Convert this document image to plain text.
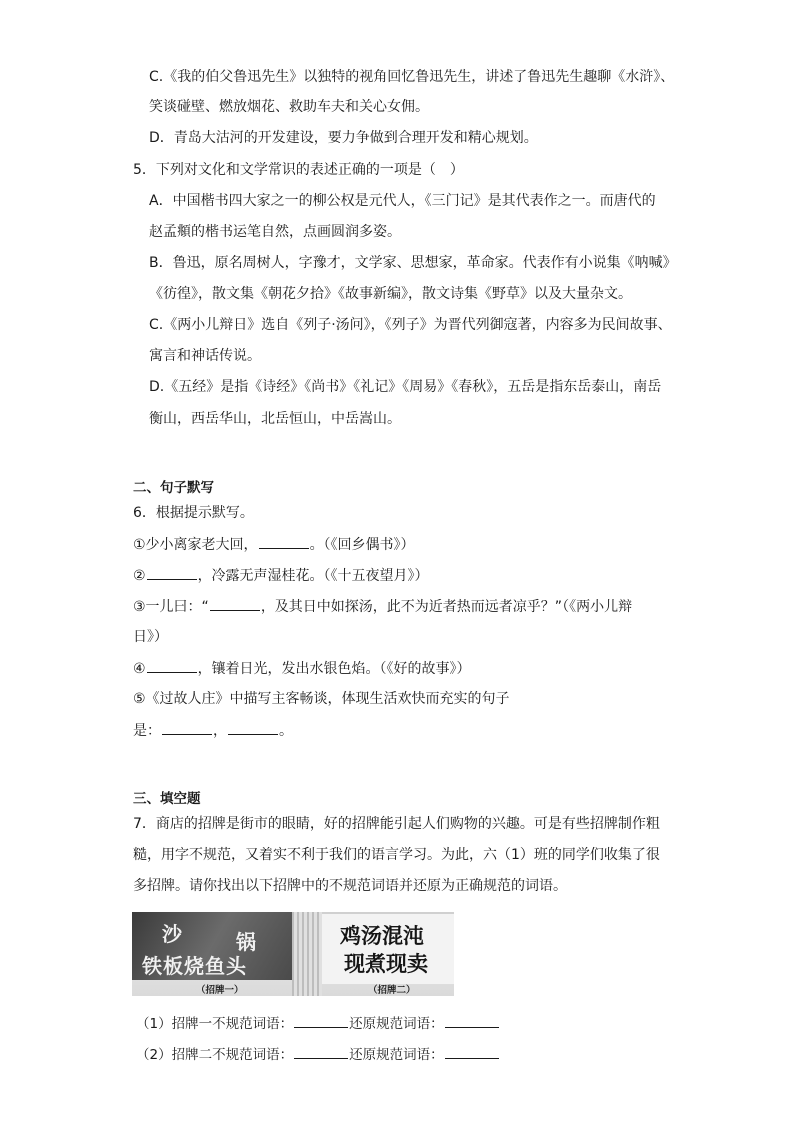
C.《我的伯父鲁迅先生》以独特的视角回忆鲁迅先生，讲述了鲁迅先生趣聊《水浒》、
笑谈碰壁、燃放烟花、救助车夫和关心女佣。
D．青岛大沽河的开发建设，要力争做到合理开发和精心规划。
5．下列对文化和文学常识的表述正确的一项是（　）
A．中国楷书四大家之一的柳公权是元代人，《三门记》是其代表作之一。而唐代的
赵孟頫的楷书运笔自然，点画圆润多姿。
B．鲁迅，原名周树人，字豫才，文学家、思想家，革命家。代表作有小说集《呐喊》
《彷徨》，散文集《朝花夕拾》《故事新编》，散文诗集《野草》以及大量杂文。
C.《两小儿辩日》选自《列子·汤问》，《列子》为晋代列御寇著，内容多为民间故事、
寓言和神话传说。
D.《五经》是指《诗经》《尚书》《礼记》《周易》《春秋》，五岳是指东岳泰山，南岳
衡山，西岳华山，北岳恒山，中岳嵩山。
二、句子默写
6．根据提示默写。
①少小离家老大回，	。（《回乡偶书》）
②	，冷露无声湿桂花。（《十五夜望月》）
③一儿曰：“	，及其日中如探汤，此不为近者热而远者凉乎？”（《两小儿辩
日》）
④	，镶着日光，发出水银色焰。（《好的故事》）
⑤《过故人庄》中描写主客畅谈，体现生活欢快而充实的句子
是：	，	。
三、填空题
7．商店的招牌是街市的眼睛，好的招牌能引起人们购物的兴趣。可是有些招牌制作粗
糙，用字不规范，又着实不利于我们的语言学习。为此，六（1）班的同学们收集了很
多招牌。请你找出以下招牌中的不规范词语并还原为正确规范的词语。
沙	锅
铁板烧鱼头
鸡汤混沌
现煮现卖
（招牌一）	（招牌二）
（1）招牌一不规范词语：	还原规范词语：
（2）招牌二不规范词语：	还原规范词语：
